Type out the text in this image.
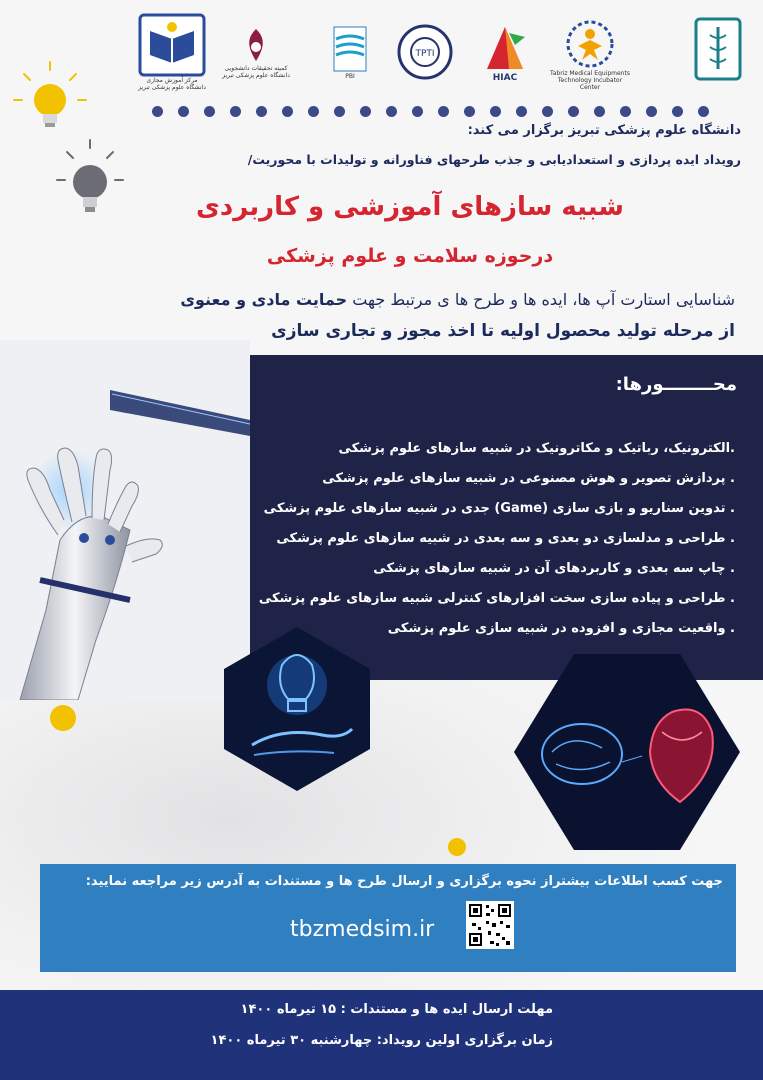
مرکز آموزش مجازی دانشگاه علوم پزشکی تبریز
کمیته تحقیقات دانشجویی دانشگاه علوم پزشکی تبریز	PBI
TPTI
HIAC	Tabriz Medical Equipments Technology Incubator Center
دانشگاه علوم پزشکی تبریز برگزار می کند:
رویداد ایده پردازی و استعدادیابی و جذب طرحهای فناورانه و تولیدات با محوریت/
شبیه سازهای آموزشی و کاربردی
درحوزه سلامت و علوم پزشکی
شناسایی استارت آپ ها، ایده ها و طرح ها ی مرتبط جهت حمایت مادی و معنوی
از مرحله تولید محصول اولیه تا اخذ مجوز و تجاری سازی
محــــــــورها:
.الکترونیک، رباتیک و مکاترونیک در شبیه سازهای علوم پزشکی
. پردازش تصویر و هوش مصنوعی در شبیه سازهای علوم پزشکی
. تدوین سناریو و بازی سازی (Game) جدی در شبیه سازهای علوم پزشکی
. طراحی و مدلسازی دو بعدی و سه بعدی در شبیه سازهای علوم پزشکی
. چاپ سه بعدی و کاربردهای آن در شبیه سازهای پزشکی
. طراحی و پیاده سازی سخت افزارهای کنترلی شبیه سازهای علوم پزشکی
. واقعیت مجازی و افزوده در شبیه سازی علوم پزشکی
جهت کسب اطلاعات بیشتراز نحوه برگزاری و ارسال طرح ها و مستندات به آدرس زیر مراجعه نمایید:
tbzmedsim.ir
مهلت ارسال ایده ها و مستندات : ۱۵ تیرماه ۱۴۰۰
زمان برگزاری اولین رویداد: چهارشنبه ۳۰ تیرماه ۱۴۰۰
